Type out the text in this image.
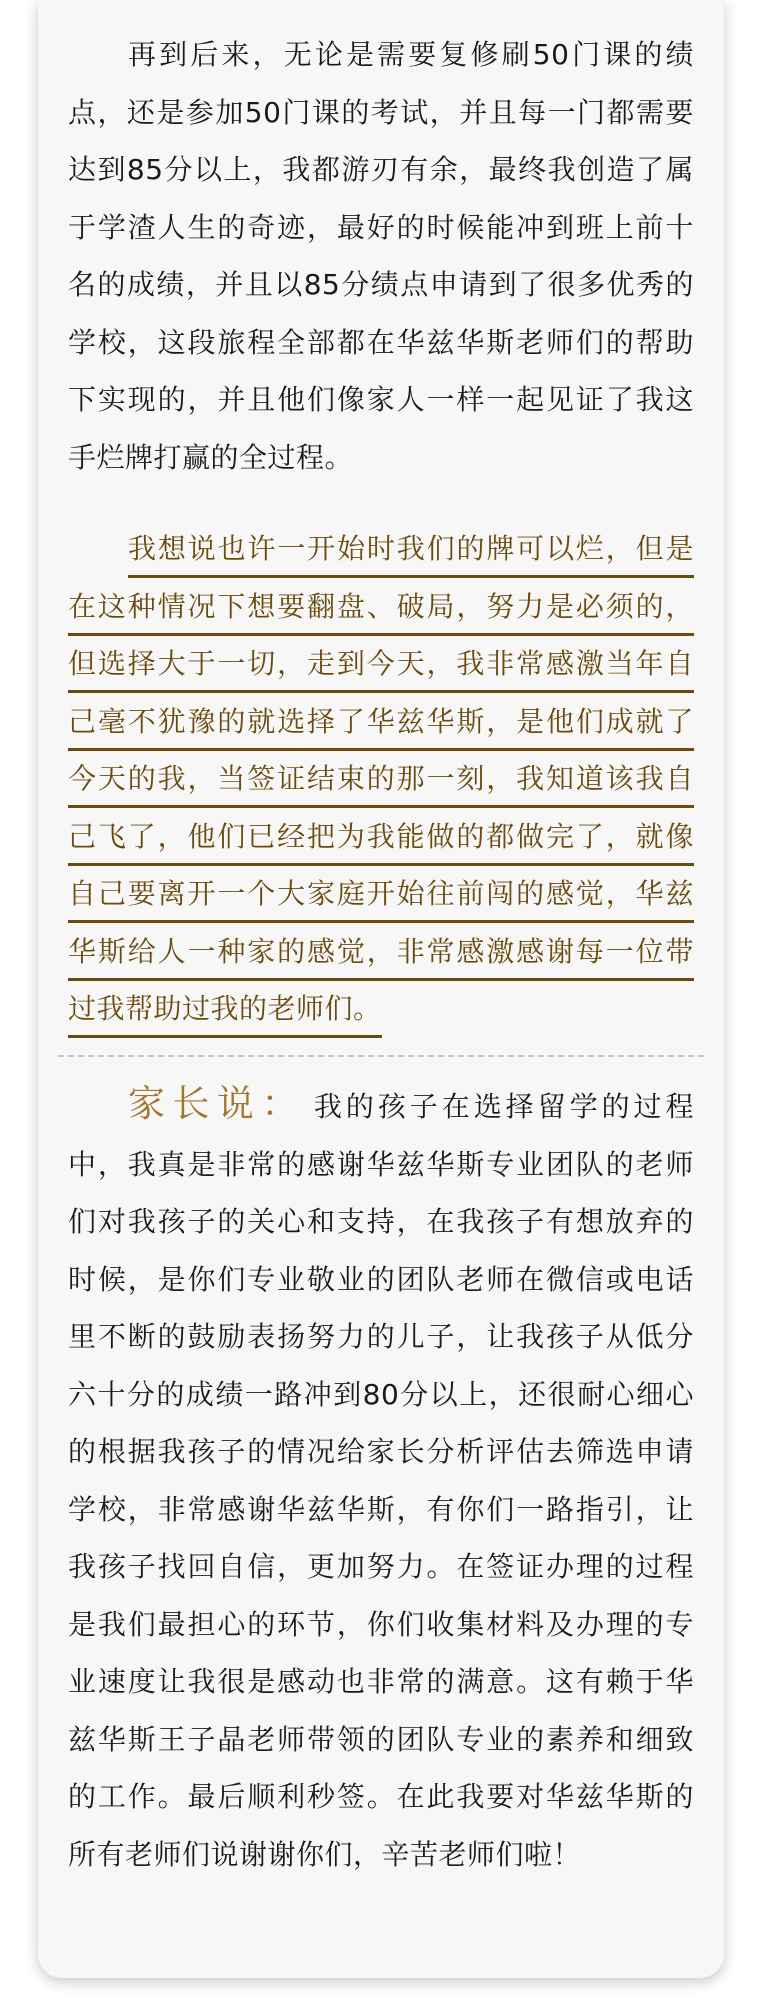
再到后来，无论是需要复修刷50门课的绩点，还是参加50门课的考试，并且每一门都需要达到85分以上，我都游刃有余，最终我创造了属于学渣人生的奇迹，最好的时候能冲到班上前十名的成绩，并且以85分绩点申请到了很多优秀的学校，这段旅程全部都在华兹华斯老师们的帮助下实现的，并且他们像家人一样一起见证了我这手烂牌打赢的全过程。

我想说也许一开始时我们的牌可以烂，但是在这种情况下想要翻盘、破局，努力是必须的，但选择大于一切，走到今天，我非常感激当年自己毫不犹豫的就选择了华兹华斯，是他们成就了今天的我，当签证结束的那一刻，我知道该我自己飞了，他们已经把为我能做的都做完了，就像自己要离开一个大家庭开始往前闯的感觉，华兹华斯给人一种家的感觉，非常感激感谢每一位带过我帮助过我的老师们。

家长说： 我的孩子在选择留学的过程中，我真是非常的感谢华兹华斯专业团队的老师们对我孩子的关心和支持，在我孩子有想放弃的时候，是你们专业敬业的团队老师在微信或电话里不断的鼓励表扬努力的儿子，让我孩子从低分六十分的成绩一路冲到80分以上，还很耐心细心的根据我孩子的情况给家长分析评估去筛选申请学校，非常感谢华兹华斯，有你们一路指引，让我孩子找回自信，更加努力。在签证办理的过程是我们最担心的环节，你们收集材料及办理的专业速度让我很是感动也非常的满意。这有赖于华兹华斯王子晶老师带领的团队专业的素养和细致的工作。最后顺利秒签。在此我要对华兹华斯的所有老师们说谢谢你们，辛苦老师们啦！
